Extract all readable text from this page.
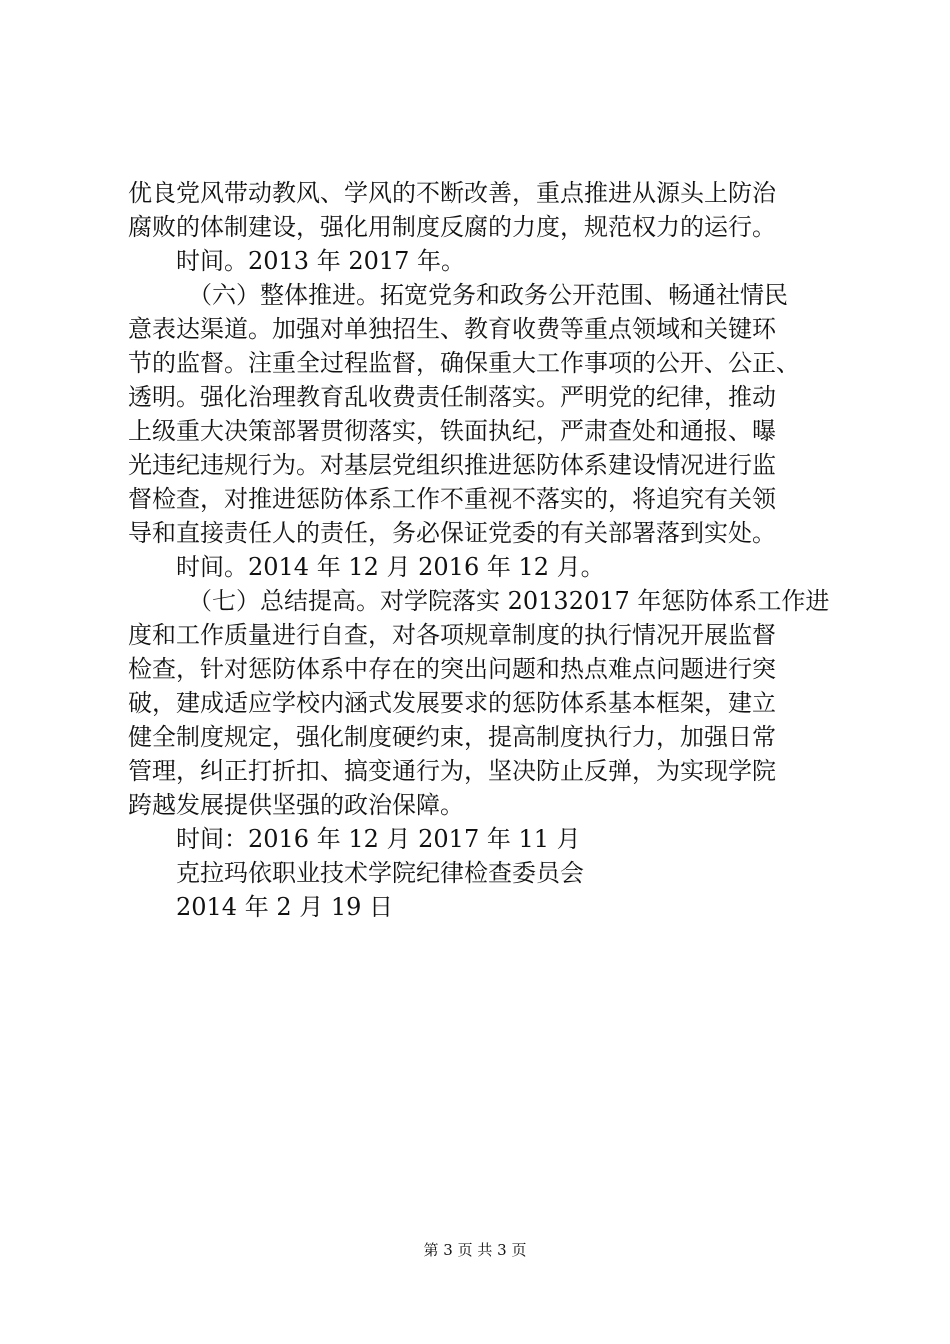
优良党风带动教风、学风的不断改善，重点推进从源头上防治
腐败的体制建设，强化用制度反腐的力度，规范权力的运行。
时间。2013 年 2017 年。
（六）整体推进。拓宽党务和政务公开范围、畅通社情民
意表达渠道。加强对单独招生、教育收费等重点领域和关键环
节的监督。注重全过程监督，确保重大工作事项的公开、公正、
透明。强化治理教育乱收费责任制落实。严明党的纪律，推动
上级重大决策部署贯彻落实，铁面执纪，严肃查处和通报、曝
光违纪违规行为。对基层党组织推进惩防体系建设情况进行监
督检查，对推进惩防体系工作不重视不落实的，将追究有关领
导和直接责任人的责任，务必保证党委的有关部署落到实处。
时间。2014 年 12 月 2016 年 12 月。
（七）总结提高。对学院落实 20132017 年惩防体系工作进
度和工作质量进行自查，对各项规章制度的执行情况开展监督
检查，针对惩防体系中存在的突出问题和热点难点问题进行突
破，建成适应学校内涵式发展要求的惩防体系基本框架，建立
健全制度规定，强化制度硬约束，提高制度执行力，加强日常
管理，纠正打折扣、搞变通行为，坚决防止反弹，为实现学院
跨越发展提供坚强的政治保障。
时间：2016 年 12 月 2017 年 11 月
克拉玛依职业技术学院纪律检查委员会
2014 年 2 月 19 日
第 3 页 共 3 页
